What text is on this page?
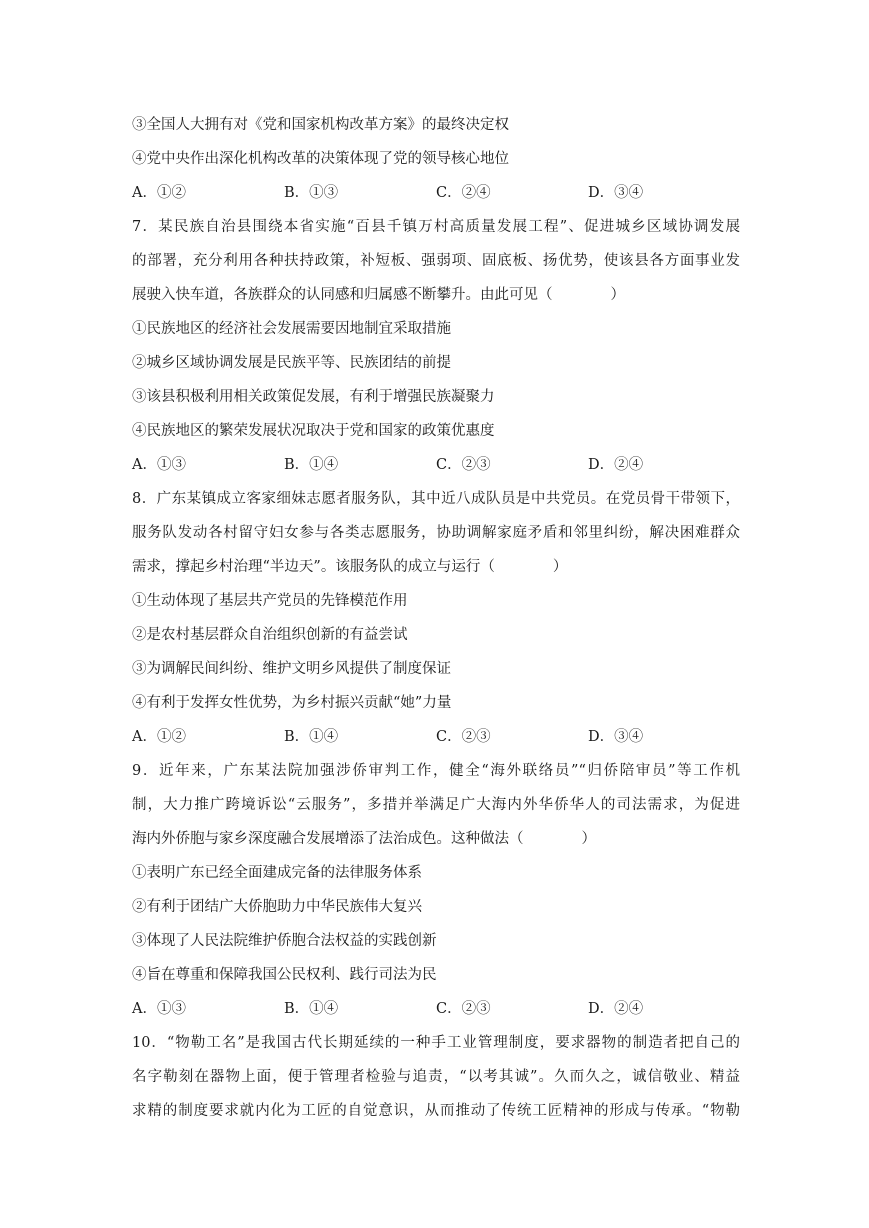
③全国人大拥有对《党和国家机构改革方案》的最终决定权
④党中央作出深化机构改革的决策体现了党的领导核心地位
A．①②	B．①③	C．②④	D．③④
7．某民族自治县围绕本省实施“百县千镇万村高质量发展工程”、促进城乡区域协调发展
的部署，充分利用各种扶持政策，补短板、强弱项、固底板、扬优势，使该县各方面事业发
展驶入快车道，各族群众的认同感和归属感不断攀升。由此可见（　　　　）
①民族地区的经济社会发展需要因地制宜采取措施
②城乡区域协调发展是民族平等、民族团结的前提
③该县积极利用相关政策促发展，有利于增强民族凝聚力
④民族地区的繁荣发展状况取决于党和国家的政策优惠度
A．①③	B．①④	C．②③	D．②④
8．广东某镇成立客家细妹志愿者服务队，其中近八成队员是中共党员。在党员骨干带领下，
服务队发动各村留守妇女参与各类志愿服务，协助调解家庭矛盾和邻里纠纷，解决困难群众
需求，撑起乡村治理“半边天”。该服务队的成立与运行（　　　　）
①生动体现了基层共产党员的先锋模范作用
②是农村基层群众自治组织创新的有益尝试
③为调解民间纠纷、维护文明乡风提供了制度保证
④有利于发挥女性优势，为乡村振兴贡献“她”力量
A．①②	B．①④	C．②③	D．③④
9．近年来，广东某法院加强涉侨审判工作，健全“海外联络员”“归侨陪审员”等工作机
制，大力推广跨境诉讼“云服务”，多措并举满足广大海内外华侨华人的司法需求，为促进
海内外侨胞与家乡深度融合发展增添了法治成色。这种做法（　　　　）
①表明广东已经全面建成完备的法律服务体系
②有利于团结广大侨胞助力中华民族伟大复兴
③体现了人民法院维护侨胞合法权益的实践创新
④旨在尊重和保障我国公民权利、践行司法为民
A．①③	B．①④	C．②③	D．②④
10．“物勒工名”是我国古代长期延续的一种手工业管理制度，要求器物的制造者把自己的
名字勒刻在器物上面，便于管理者检验与追责，“以考其诚”。久而久之，诚信敬业、精益
求精的制度要求就内化为工匠的自觉意识，从而推动了传统工匠精神的形成与传承。“物勒
